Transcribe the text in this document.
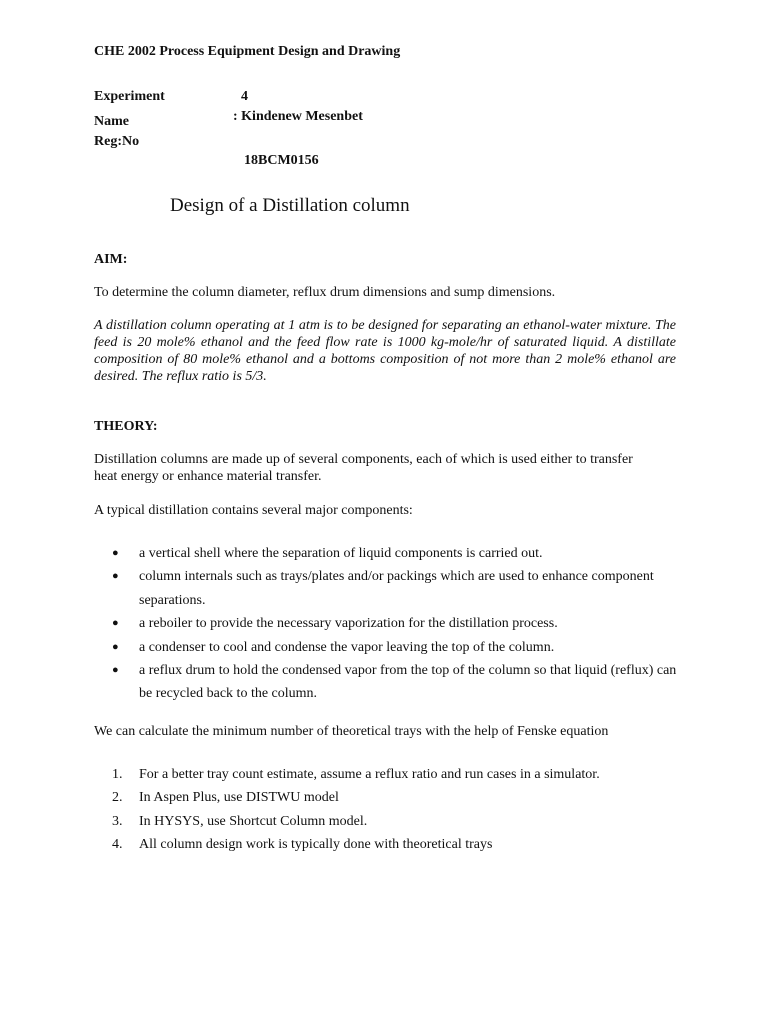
CHE 2002 Process Equipment Design and Drawing
Experiment	4
Name	: Kindenew Mesenbet
Reg:No
18BCM0156
Design of a Distillation column
AIM:
To determine the column diameter, reflux drum dimensions and sump dimensions.
A distillation column operating at 1 atm is to be designed for separating an ethanol-water mixture. The feed is 20 mole% ethanol and the feed flow rate is 1000 kg-mole/hr of saturated liquid. A distillate composition of 80 mole% ethanol and a bottoms composition of not more than 2 mole% ethanol are desired. The reflux ratio is 5/3.
THEORY:
Distillation columns are made up of several components, each of which is used either to transfer heat energy or enhance material transfer.
A typical distillation contains several major components:
● a vertical shell where the separation of liquid components is carried out.
● column internals such as trays/plates and/or packings which are used to enhance component separations.
● a reboiler to provide the necessary vaporization for the distillation process.
● a condenser to cool and condense the vapor leaving the top of the column.
● a reflux drum to hold the condensed vapor from the top of the column so that liquid (reflux) can be recycled back to the column.
We can calculate the minimum number of theoretical trays with the help of Fenske equation
1. For a better tray count estimate, assume a reflux ratio and run cases in a simulator.
2. In Aspen Plus, use DISTWU model
3. In HYSYS, use Shortcut Column model.
4. All column design work is typically done with theoretical trays
